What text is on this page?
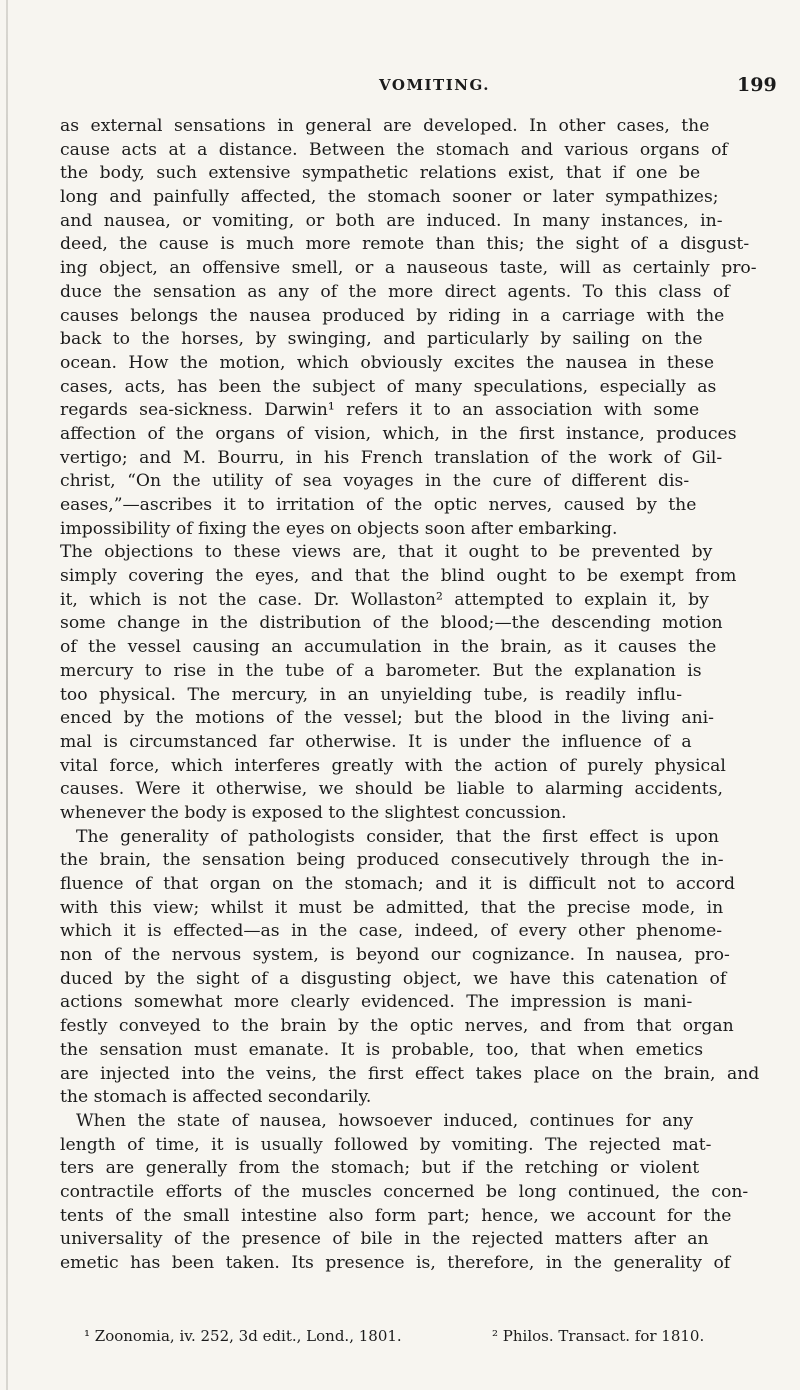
VOMITING.	199
as external sensations in general are developed. In other cases, the
cause acts at a distance. Between the stomach and various organs of
the body, such extensive sympathetic relations exist, that if one be
long and painfully affected, the stomach sooner or later sympathizes;
and nausea, or vomiting, or both are induced. In many instances, in-
deed, the cause is much more remote than this; the sight of a disgust-
ing object, an offensive smell, or a nauseous taste, will as certainly pro-
duce the sensation as any of the more direct agents. To this class of
causes belongs the nausea produced by riding in a carriage with the
back to the horses, by swinging, and particularly by sailing on the
ocean. How the motion, which obviously excites the nausea in these
cases, acts, has been the subject of many speculations, especially as
regards sea-sickness. Darwin¹ refers it to an association with some
affection of the organs of vision, which, in the first instance, produces
vertigo; and M. Bourru, in his French translation of the work of Gil-
christ, “On the utility of sea voyages in the cure of different dis-
eases,”—ascribes it to irritation of the optic nerves, caused by the
impossibility of fixing the eyes on objects soon after embarking.
The objections to these views are, that it ought to be prevented by
simply covering the eyes, and that the blind ought to be exempt from
it, which is not the case. Dr. Wollaston² attempted to explain it, by
some change in the distribution of the blood;—the descending motion
of the vessel causing an accumulation in the brain, as it causes the
mercury to rise in the tube of a barometer. But the explanation is
too physical. The mercury, in an unyielding tube, is readily influ-
enced by the motions of the vessel; but the blood in the living ani-
mal is circumstanced far otherwise. It is under the influence of a
vital force, which interferes greatly with the action of purely physical
causes. Were it otherwise, we should be liable to alarming accidents,
whenever the body is exposed to the slightest concussion.
The generality of pathologists consider, that the first effect is upon
the brain, the sensation being produced consecutively through the in-
fluence of that organ on the stomach; and it is difficult not to accord
with this view; whilst it must be admitted, that the precise mode, in
which it is effected—as in the case, indeed, of every other phenome-
non of the nervous system, is beyond our cognizance. In nausea, pro-
duced by the sight of a disgusting object, we have this catenation of
actions somewhat more clearly evidenced. The impression is mani-
festly conveyed to the brain by the optic nerves, and from that organ
the sensation must emanate. It is probable, too, that when emetics
are injected into the veins, the first effect takes place on the brain, and
the stomach is affected secondarily.
When the state of nausea, howsoever induced, continues for any
length of time, it is usually followed by vomiting. The rejected mat-
ters are generally from the stomach; but if the retching or violent
contractile efforts of the muscles concerned be long continued, the con-
tents of the small intestine also form part; hence, we account for the
universality of the presence of bile in the rejected matters after an
emetic has been taken. Its presence is, therefore, in the generality of
¹ Zoonomia, iv. 252, 3d edit., Lond., 1801.	² Philos. Transact. for 1810.
